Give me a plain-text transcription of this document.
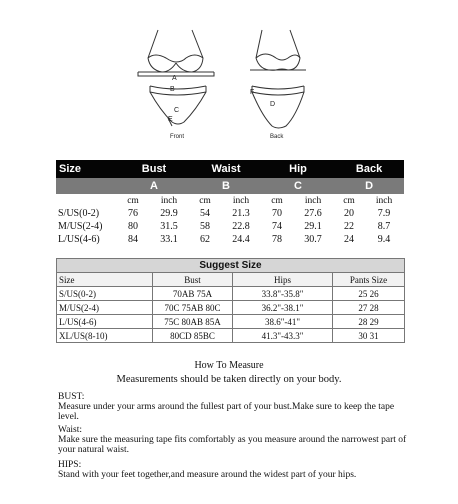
A
B
C
E
Front
F
D
Back
Size	Bust		Waist		Hip		Back	
	A		B		C		D	
	cm	inch	cm	inch	cm	inch	cm	inch
S/US(0-2)	76	29.9	54	21.3	70	27.6	20	7.9
M/US(2-4)	80	31.5	58	22.8	74	29.1	22	8.7
L/US(4-6)	84	33.1	62	24.4	78	30.7	24	9.4
Suggest Size			
Size	Bust	Hips	Pants Size
S/US(0-2)	70AB 75A	33.8"-35.8"	25 26
M/US(2-4)	70C 75AB 80C	36.2"-38.1"	27 28
L/US(4-6)	75C 80AB 85A	38.6"-41"	28 29
XL/US(8-10)	80CD 85BC	41.3"-43.3"	30 31
How To Measure
Measurements should be taken directly on your body.
BUST:
Measure under your arms around the fullest part of your bust.Make sure to keep the tape level.
Waist:
Make sure the measuring tape fits comfortably as you measure around the narrowest part of your natural waist.
HIPS:
Stand with your feet together,and measure around the widest part of your hips.
